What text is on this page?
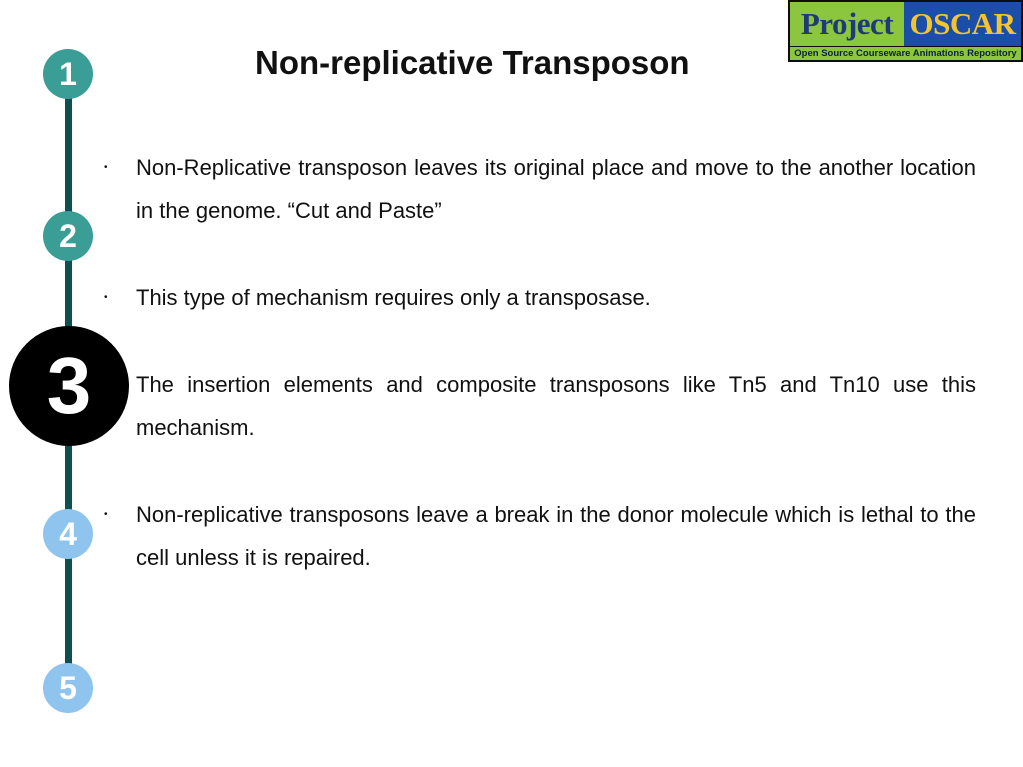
Non-replicative Transposon
Project OSCAR
Open Source Courseware Animations Repository
1
2
3
4
5
• Non-Replicative transposon leaves its original place and move to the another location in the genome. “Cut and Paste”
• This type of mechanism requires only a transposase.
The insertion elements and composite transposons like Tn5 and Tn10 use this mechanism.
• Non-replicative transposons leave a break in the donor molecule which is lethal to the cell unless it is repaired.
